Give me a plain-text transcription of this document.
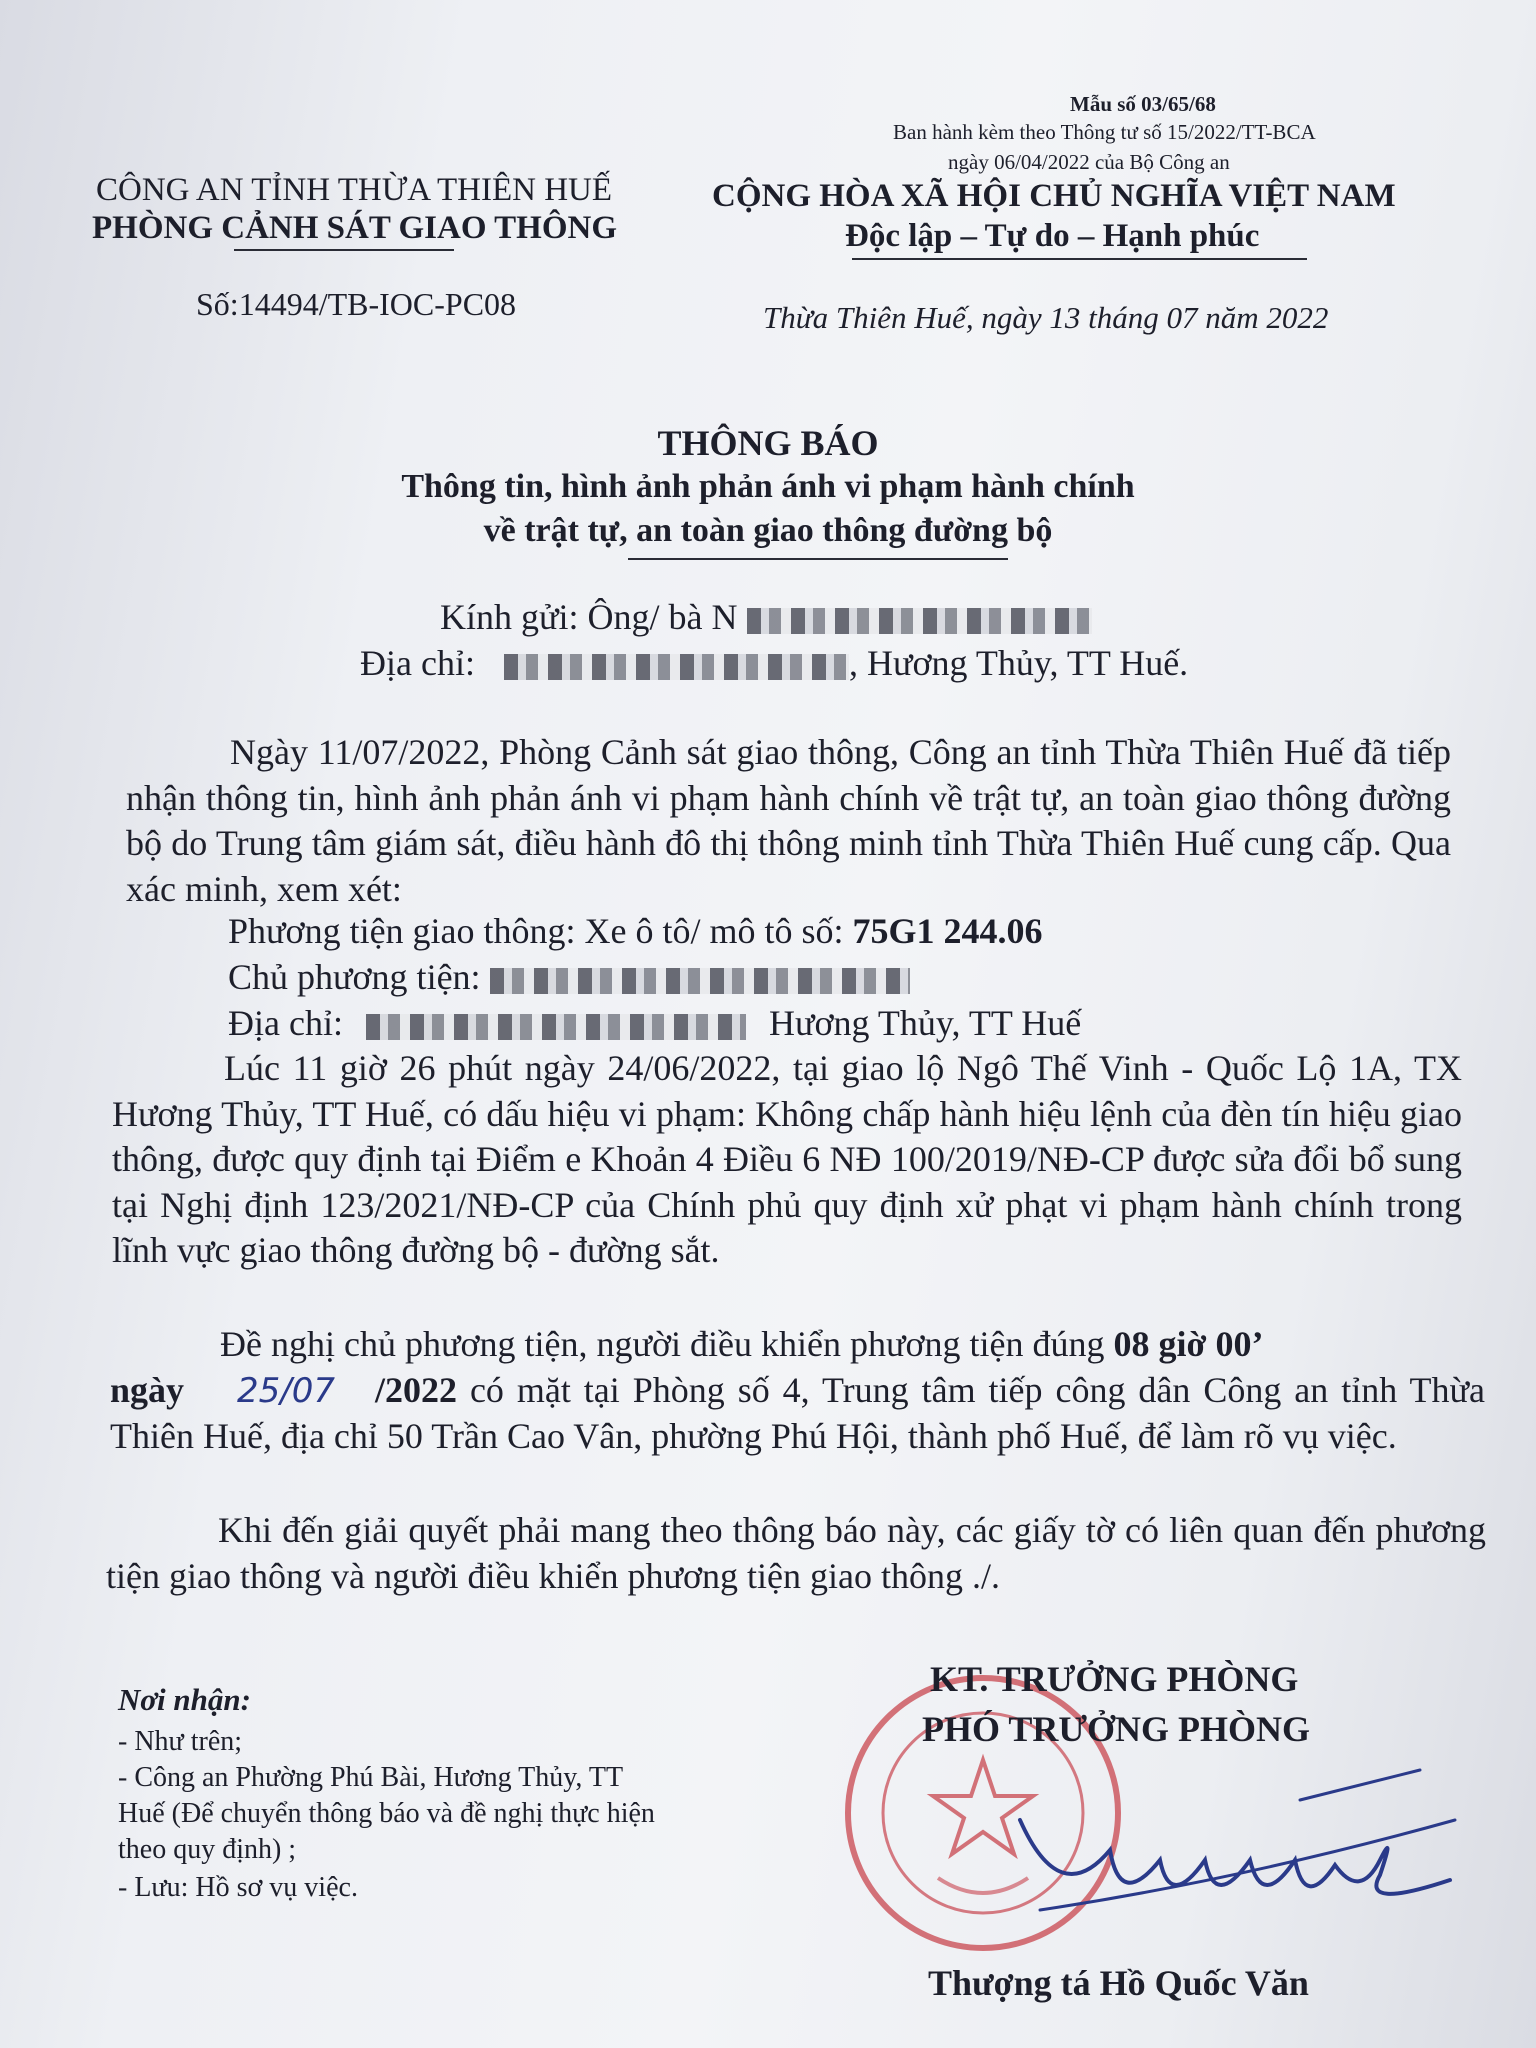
Mẫu số 03/65/68
Ban hành kèm theo Thông tư số 15/2022/TT-BCA
ngày 06/04/2022 của Bộ Công an
CÔNG AN TỈNH THỪA THIÊN HUẾ
PHÒNG CẢNH SÁT GIAO THÔNG
Số:14494/TB-IOC-PC08
CỘNG HÒA XÃ HỘI CHỦ NGHĨA VIỆT NAM
Độc lập – Tự do – Hạnh phúc
Thừa Thiên Huế, ngày 13 tháng 07 năm 2022
THÔNG BÁO
Thông tin, hình ảnh phản ánh vi phạm hành chính
về trật tự, an toàn giao thông đường bộ
Kính gửi: Ông/ bà N
Địa chỉ:	, Hương Thủy, TT Huế.
Ngày 11/07/2022, Phòng Cảnh sát giao thông, Công an tỉnh Thừa Thiên Huế đã tiếp nhận thông tin, hình ảnh phản ánh vi phạm hành chính về trật tự, an toàn giao thông đường bộ do Trung tâm giám sát, điều hành đô thị thông minh tỉnh Thừa Thiên Huế cung cấp. Qua xác minh, xem xét:
Phương tiện giao thông: Xe ô tô/ mô tô số: 75G1 244.06
Chủ phương tiện:
Địa chỉ:	Hương Thủy, TT Huế
Lúc 11 giờ 26 phút ngày 24/06/2022, tại giao lộ Ngô Thế Vinh - Quốc Lộ 1A, TX Hương Thủy, TT Huế, có dấu hiệu vi phạm: Không chấp hành hiệu lệnh của đèn tín hiệu giao thông, được quy định tại Điểm e Khoản 4 Điều 6 NĐ 100/2019/NĐ-CP được sửa đổi bổ sung tại Nghị định 123/2021/NĐ-CP của Chính phủ quy định xử phạt vi phạm hành chính trong lĩnh vực giao thông đường bộ - đường sắt.

Đề nghị chủ phương tiện, người điều khiển phương tiện đúng 08 giờ 00’

ngày 25/07 /2022 có mặt tại Phòng số 4, Trung tâm tiếp công dân Công an tỉnh Thừa Thiên Huế, địa chỉ 50 Trần Cao Vân, phường Phú Hội, thành phố Huế, để làm rõ vụ việc.

Khi đến giải quyết phải mang theo thông báo này, các giấy tờ có liên quan đến phương tiện giao thông và người điều khiển phương tiện giao thông ./.
Nơi nhận:
- Như trên;
- Công an Phường Phú Bài, Hương Thủy, TT
Huế (Để chuyển thông báo và đề nghị thực hiện
theo quy định) ;
- Lưu: Hồ sơ vụ việc.
KT. TRƯỞNG PHÒNG
PHÓ TRƯỞNG PHÒNG
Thượng tá Hồ Quốc Văn
